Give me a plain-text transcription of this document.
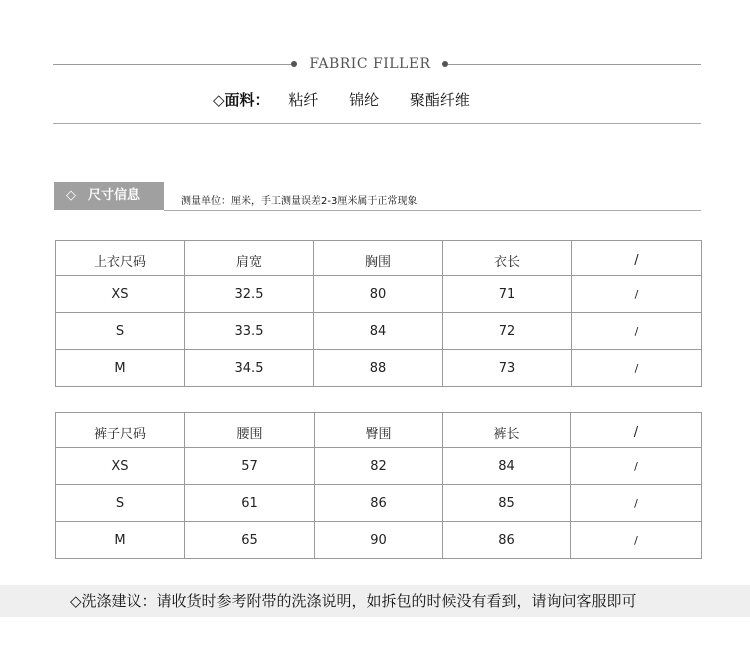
FABRIC FILLER
◇面料： 粘纤 锦纶 聚酯纤维
◇ 尺寸信息	测量单位：厘米，手工测量误差2-3厘米属于正常现象
上衣尺码	肩宽	胸围	衣长	/
XS	32.5	80	71	/
S	33.5	84	72	/
M	34.5	88	73	/
裤子尺码	腰围	臀围	裤长	/
XS	57	82	84	/
S	61	86	85	/
M	65	90	86	/
◇洗涤建议：请收货时参考附带的洗涤说明，如拆包的时候没有看到，请询问客服即可
